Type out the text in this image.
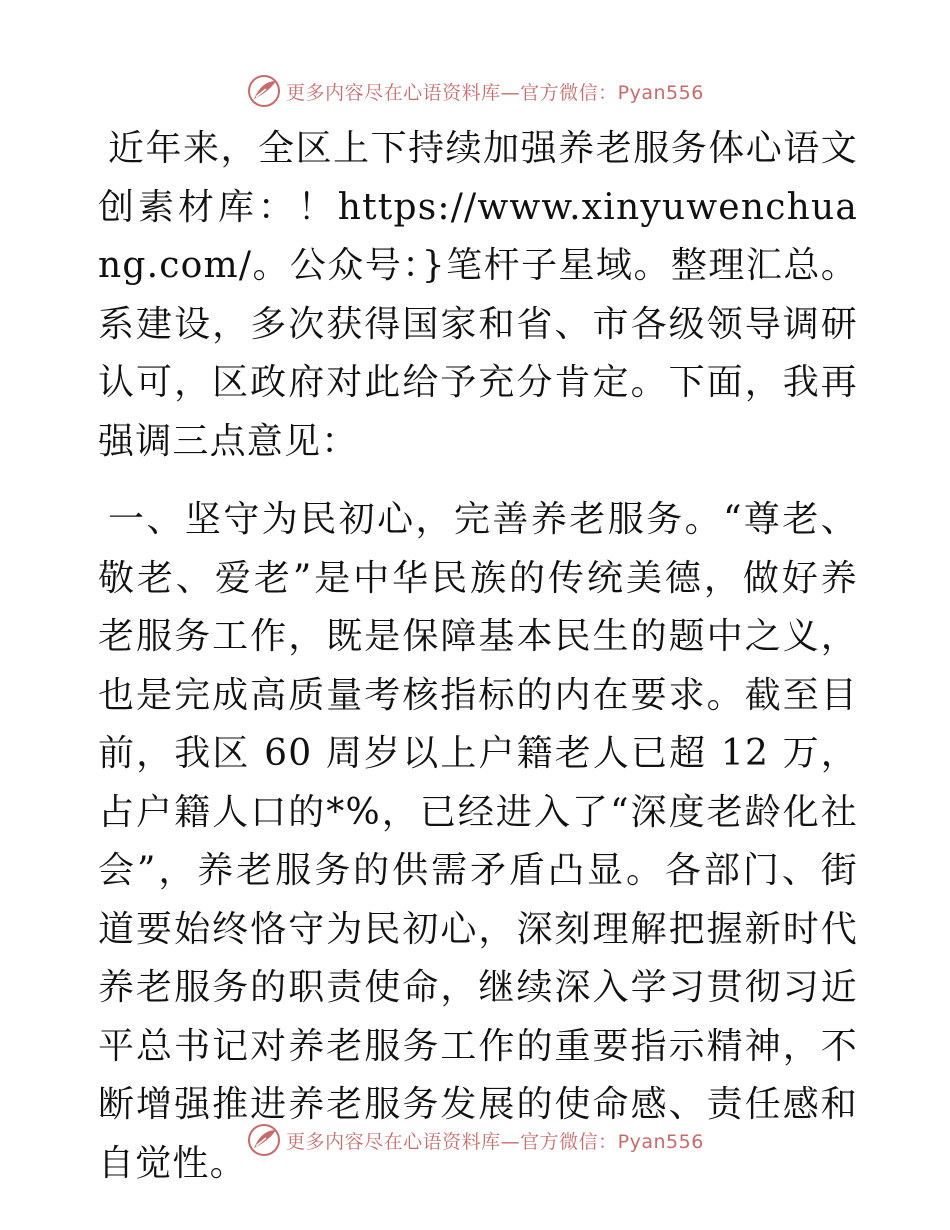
更多内容尽在心语资料库—官方微信：Pyan556

近年来，全区上下持续加强养老服务体心语文创素材库：！https://www.xinyuwenchuang.com/。公众号：}笔杆子星域。整理汇总。系建设，多次获得国家和省、市各级领导调研认可，区政府对此给予充分肯定。下面，我再强调三点意见：

一、坚守为民初心，完善养老服务。“尊老、敬老、爱老”是中华民族的传统美德，做好养老服务工作，既是保障基本民生的题中之义，也是完成高质量考核指标的内在要求。截至目前，我区 60 周岁以上户籍老人已超 12 万，占户籍人口的*%，已经进入了“深度老龄化社会”，养老服务的供需矛盾凸显。各部门、街道要始终恪守为民初心，深刻理解把握新时代养老服务的职责使命，继续深入学习贯彻习近平总书记对养老服务工作的重要指示精神，不断增强推进养老服务发展的使命感、责任感和自觉性。

更多内容尽在心语资料库—官方微信：Pyan556
